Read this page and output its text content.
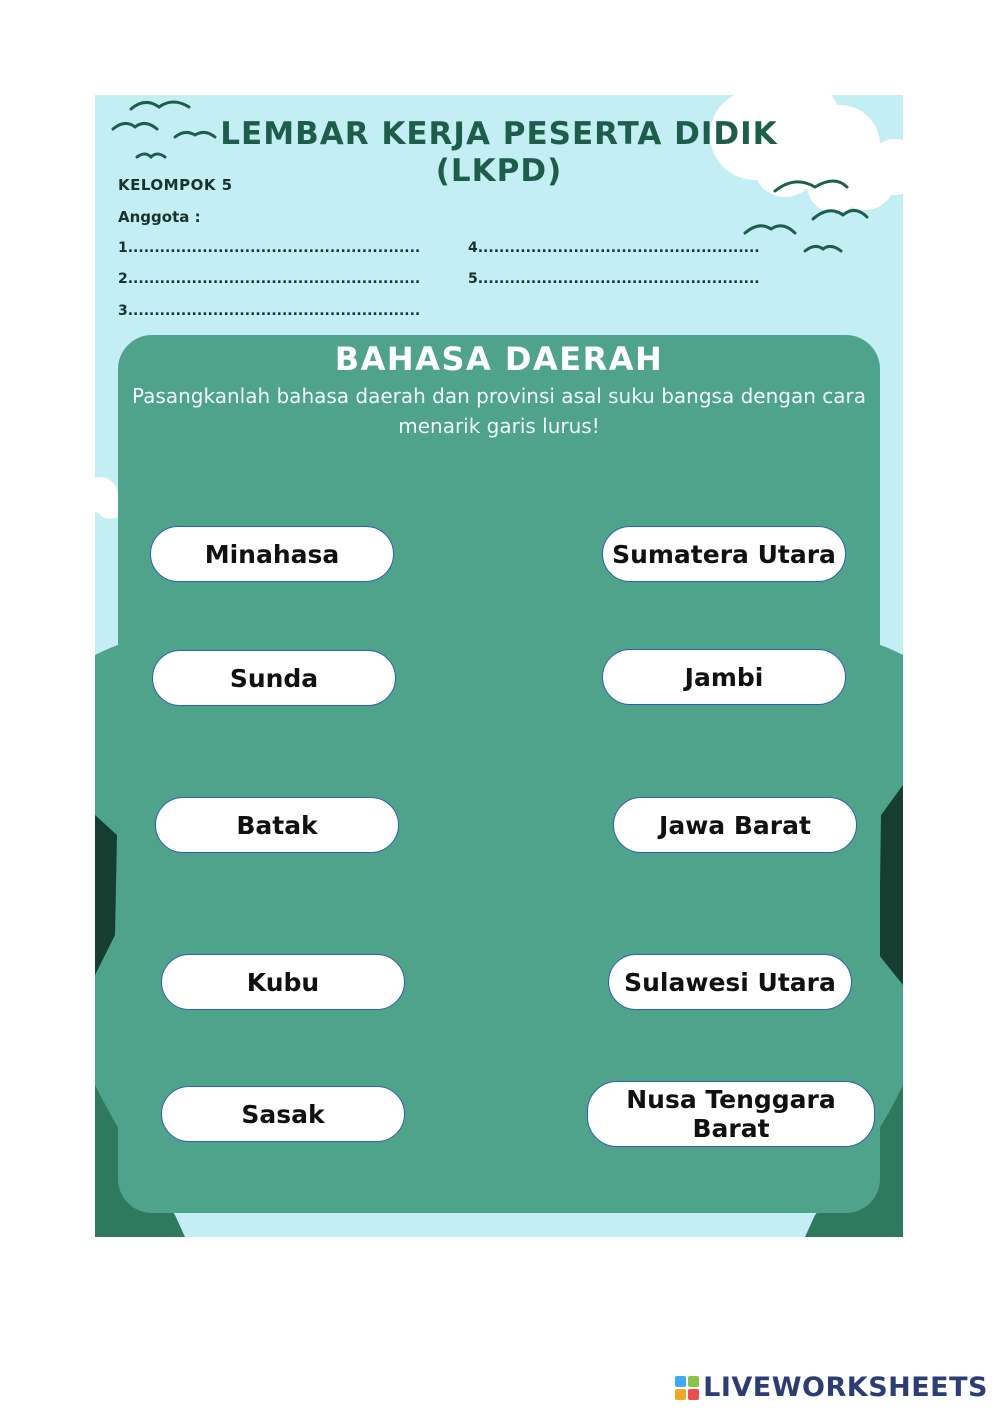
LEMBAR KERJA PESERTA DIDIK
(LKPD)
KELOMPOK 5
Anggota :
1.......................................................
2.......................................................
3.......................................................
4.....................................................
5.....................................................
BAHASA DAERAH

Pasangkanlah bahasa daerah dan provinsi asal suku bangsa dengan cara menarik garis lurus!

Minahasa
Sunda
Batak
Kubu
Sasak
Sumatera Utara
Jambi
Jawa Barat
Sulawesi Utara
Nusa Tenggara Barat
LIVEWORKSHEETS
